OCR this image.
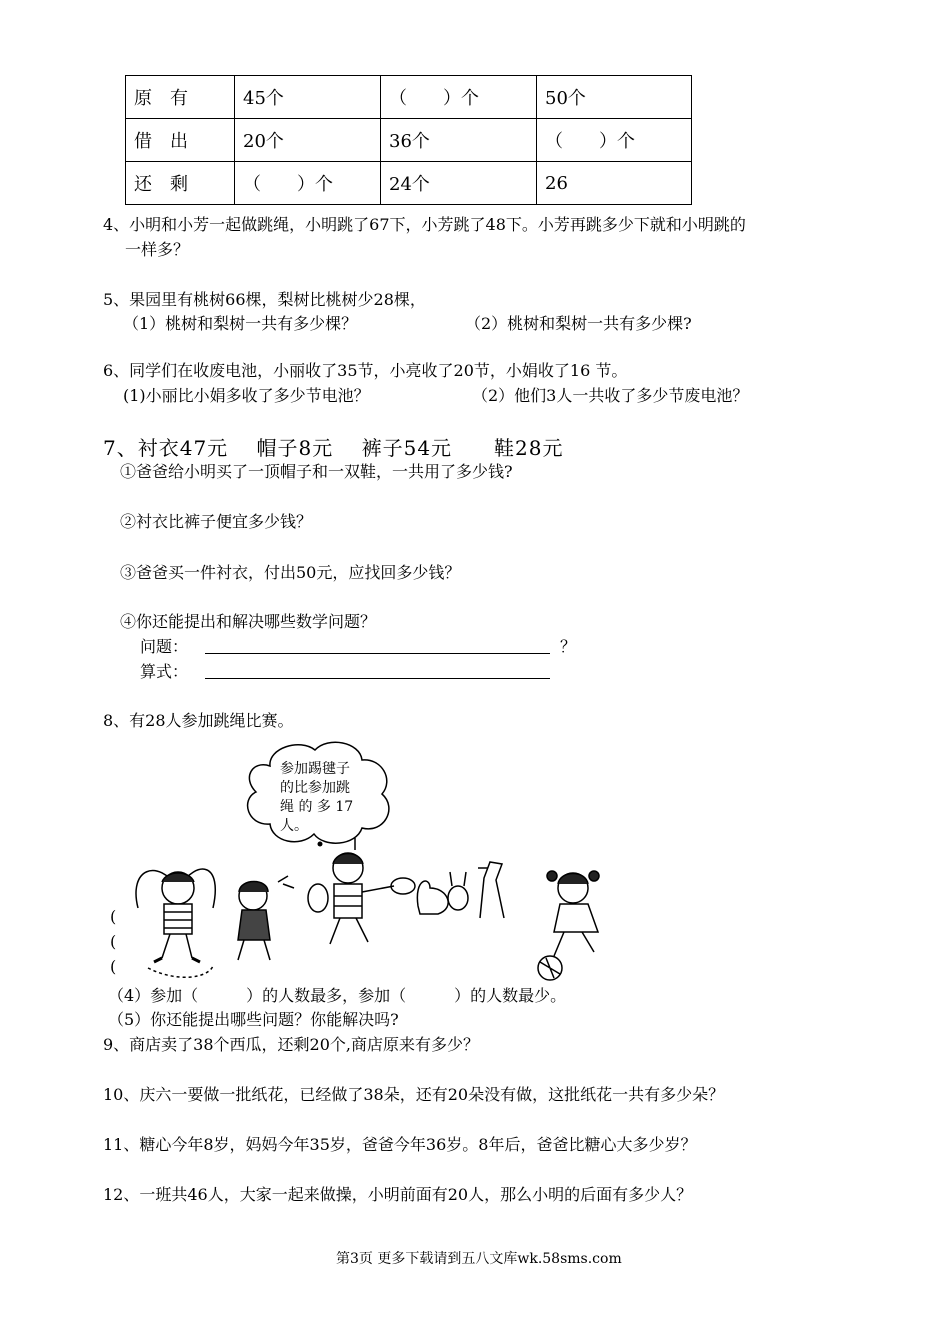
原有	45个	（　　）个	50个
借出	20个	36个	（　　）个
还剩	（　　）个	24个	26
4、小明和小芳一起做跳绳，小明跳了67下，小芳跳了48下。小芳再跳多少下就和小明跳的
一样多？
5、果园里有桃树66棵，梨树比桃树少28棵，
（1）桃树和梨树一共有多少棵？	（2）桃树和梨树一共有多少棵?
6、同学们在收废电池，小丽收了35节，小亮收了20节，小娟收了16 节。
(1)小丽比小娟多收了多少节电池？	（2）他们3人一共收了多少节废电池？
7、衬衣47元　 帽子8元　 裤子54元　　鞋28元
①爸爸给小明买了一顶帽子和一双鞋，一共用了多少钱?
②衬衣比裤子便宜多少钱？
③爸爸买一件衬衣，付出50元，应找回多少钱？
④你还能提出和解决哪些数学问题？
问题：	？
算式：
8、有28人参加跳绳比赛。
参加踢毽子
的比参加跳
绳 的 多 17
人。
(
(
(
（4）参加（　　　）的人数最多，参加（　　　）的人数最少。
（5）你还能提出哪些问题？你能解决吗?
9、商店卖了38个西瓜，还剩20个,商店原来有多少？
10、庆六一要做一批纸花，已经做了38朵，还有20朵没有做，这批纸花一共有多少朵？
11、糖心今年8岁，妈妈今年35岁，爸爸今年36岁。8年后，爸爸比糖心大多少岁？
12、一班共46人，大家一起来做操，小明前面有20人，那么小明的后面有多少人？
第3页 更多下载请到五八文库wk.58sms.com
